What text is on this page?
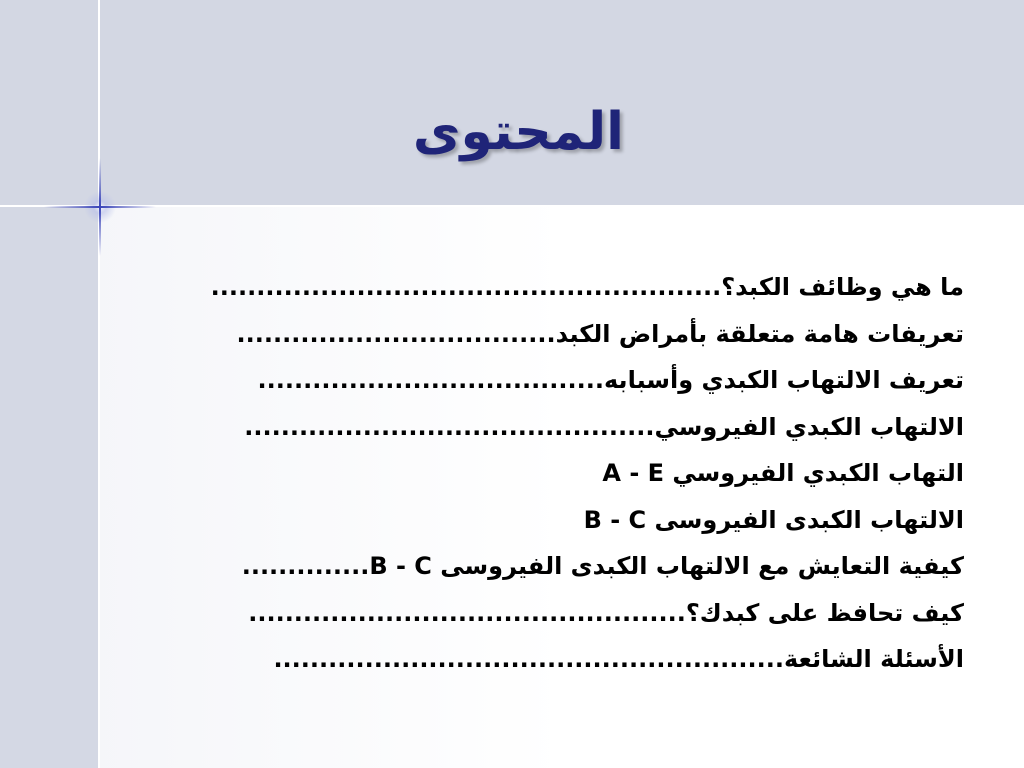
المحتوى
ما هي وظائف الكبد؟........................................................
تعريفات هامة متعلقة بأمراض الكبد...................................
تعريف الالتهاب الكبدي وأسبابه......................................
الالتهاب الكبدي الفيروسي.............................................
التهاب الكبدي الفيروسي A - E
الالتهاب الكبدى الفيروسى B - C
كيفية التعايش مع الالتهاب الكبدى الفيروسى B - C..............
كيف تحافظ على كبدك؟................................................
الأسئلة الشائعة........................................................
